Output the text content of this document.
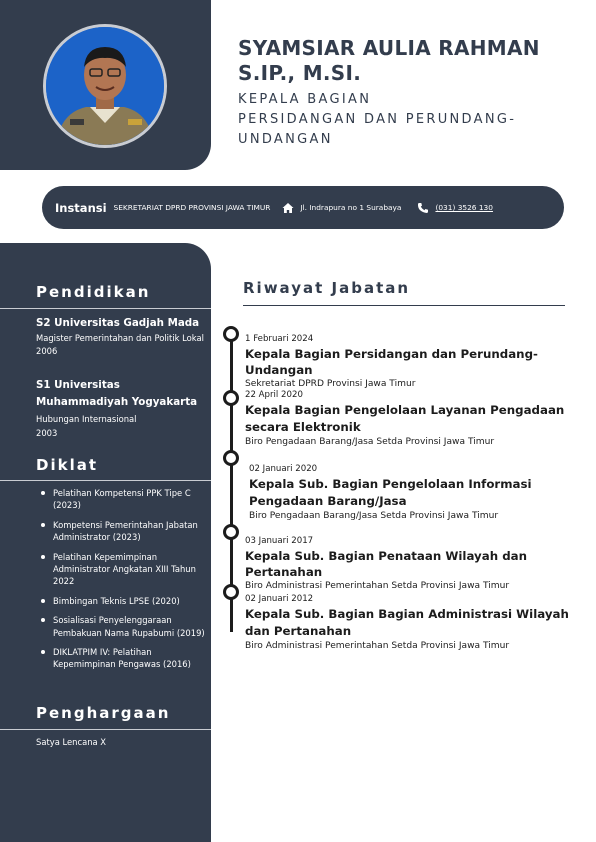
SYAMSIAR AULIA RAHMAN
S.IP., M.SI.
KEPALA BAGIAN
PERSIDANGAN DAN PERUNDANG-
UNDANGAN
Instansi SEKRETARIAT DPRD PROVINSI JAWA TIMUR	Jl. Indrapura no 1 Surabaya	(031) 3526 130
Pendidikan
S2 Universitas Gadjah Mada
Magister Pemerintahan dan Politik Lokal
2006
S1 Universitas Muhammadiyah Yogyakarta
Hubungan Internasional
2003
Diklat
Pelatihan Kompetensi PPK Tipe C (2023)
Kompetensi Pemerintahan Jabatan Administrator (2023)
Pelatihan Kepemimpinan Administrator Angkatan XIII Tahun 2022
Bimbingan Teknis LPSE (2020)
Sosialisasi Penyelenggaraan Pembakuan Nama Rupabumi (2019)
DIKLATPIM IV: Pelatihan Kepemimpinan Pengawas (2016)
Penghargaan
Satya Lencana X
Riwayat Jabatan
1 Februari 2024
Kepala Bagian Persidangan dan Perundang-Undangan
Sekretariat DPRD Provinsi Jawa Timur
22 April 2020
Kepala Bagian Pengelolaan Layanan Pengadaan secara Elektronik
Biro Pengadaan Barang/Jasa Setda Provinsi Jawa Timur
02 Januari 2020
Kepala Sub. Bagian Pengelolaan Informasi Pengadaan Barang/Jasa
Biro Pengadaan Barang/Jasa Setda Provinsi Jawa Timur
03 Januari 2017
Kepala Sub. Bagian Penataan Wilayah dan Pertanahan
Biro Administrasi Pemerintahan Setda Provinsi Jawa Timur
02 Januari 2012
Kepala Sub. Bagian Bagian Administrasi Wilayah dan Pertanahan
Biro Administrasi Pemerintahan Setda Provinsi Jawa Timur
